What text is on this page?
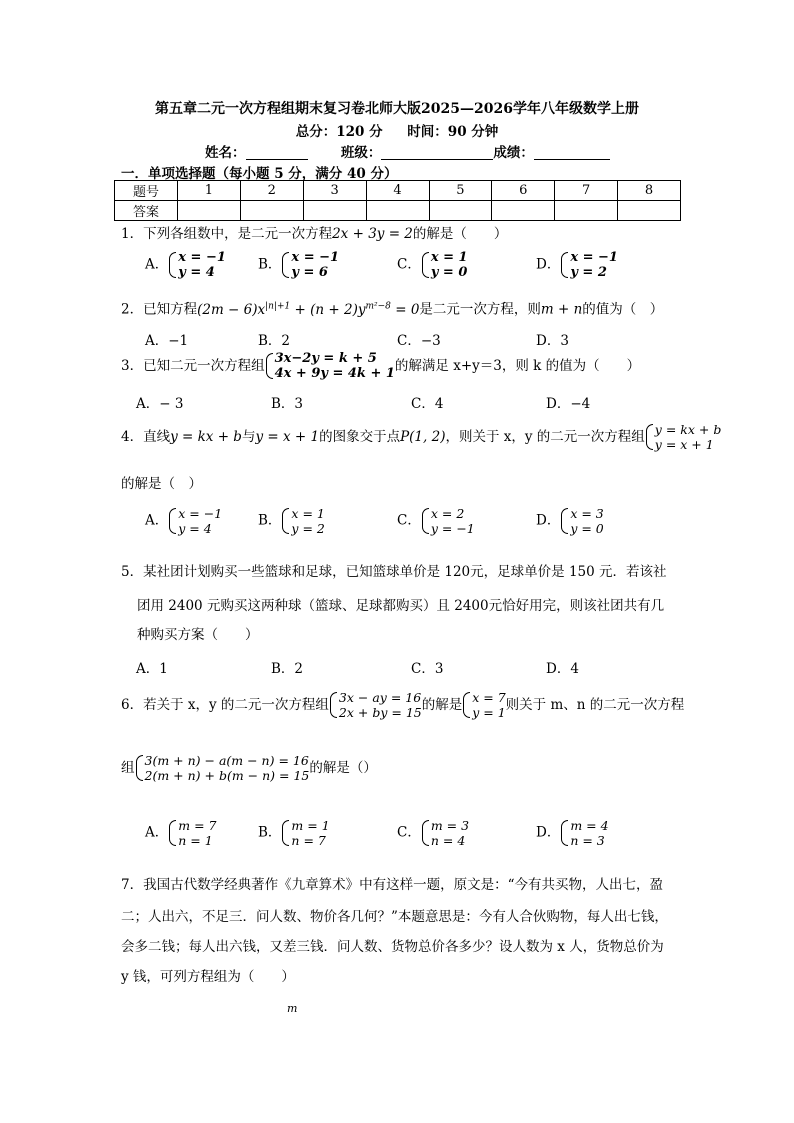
第五章二元一次方程组期末复习卷北师大版2025—2026学年八年级数学上册
总分：120 分 时间：90 分钟
姓名：	班级：	成绩：
一．单项选择题（每小题 5 分，满分 40 分）
题号	1	2	3	4	5	6	7	8
答案								
1．下列各组数中，是二元一次方程2x + 3y = 2的解是（　　）
A． x = −1
y = 4	B． x = −1
y = 6	C． x = 1
y = 0	D． x = −1
y = 2
2．已知方程$(2m - 6)x^{|n|+1} + (n + 2)y^{m^2-8} = 0$是二元一次方程，则m + n的值为（　）
A．−1	B．2	C．−3	D．3
3．已知二元一次方程组 3x−2y = k + 5
4x + 9y = 4k + 1 的解满足 x+y＝3，则 k 的值为（　　）
A．− 3	B．3	C．4	D．−4
4．直线y = kx + b与y = x + 1的图象交于点P(1, 2)，则关于 x，y 的二元一次方程组 y = kx + b
y = x + 1
的解是（　）
A． x = −1
y = 4	B． x = 1
y = 2	C． x = 2
y = −1	D． x = 3
y = 0
5．某社团计划购买一些篮球和足球，已知篮球单价是 120元，足球单价是 150 元．若该社
团用 2400 元购买这两种球（篮球、足球都购买）且 2400元恰好用完，则该社团共有几
种购买方案（　　）
A．1	B．2	C．3	D．4
6．若关于 x，y 的二元一次方程组 3x − ay = 16
2x + by = 15 的解是 x = 7
y = 1 则关于 m、n 的二元一次方程
组 3(m + n) − a(m − n) = 16
2(m + n) + b(m − n) = 15 的解是（）
A． m = 7
n = 1	B． m = 1
n = 7	C． m = 3
n = 4	D． m = 4
n = 3
7．我国古代数学经典著作《九章算术》中有这样一题，原文是：“今有共买物，人出七，盈
二；人出六，不足三．问人数、物价各几何？”本题意思是：今有人合伙购物，每人出七钱，
会多二钱；每人出六钱，又差三钱．问人数、货物总价各多少？设人数为 x 人，货物总价为
y 钱，可列方程组为（　　）
m
